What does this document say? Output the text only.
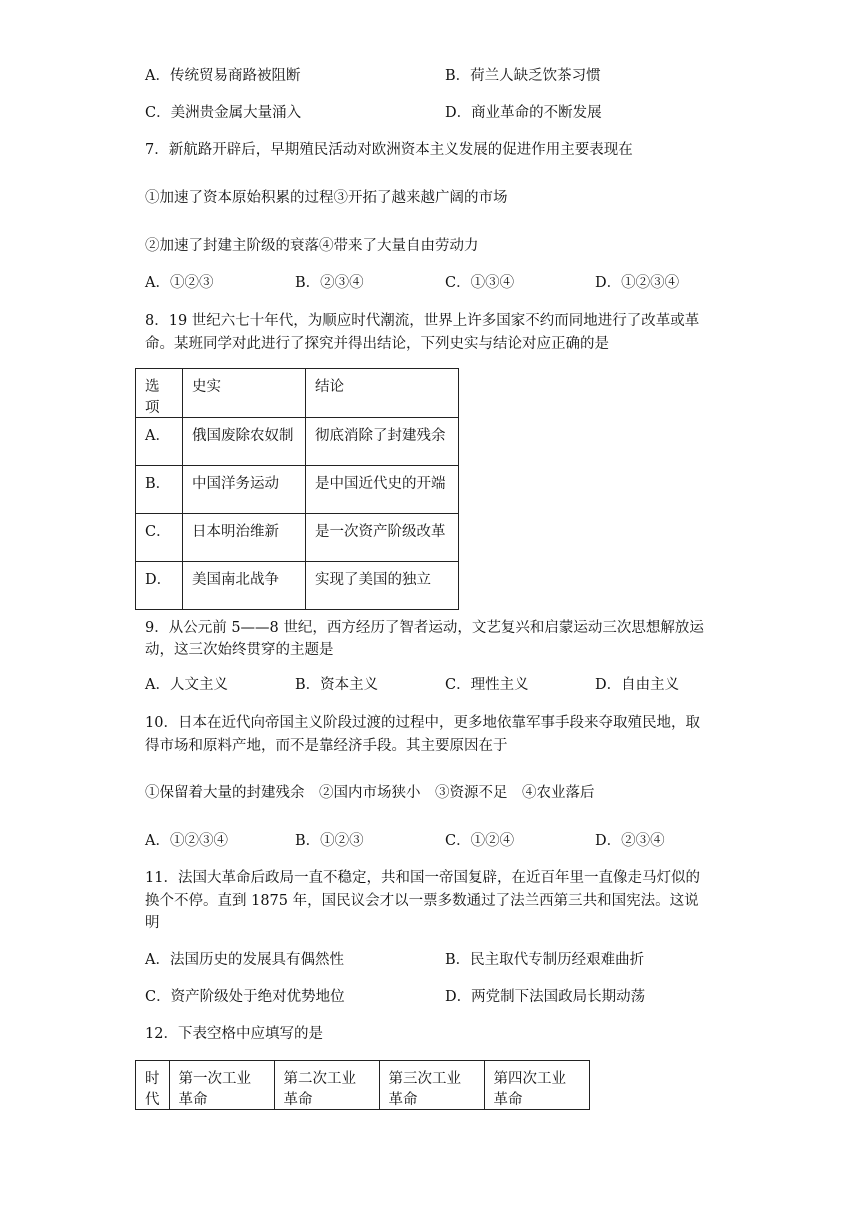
A．传统贸易商路被阻断	B．荷兰人缺乏饮茶习惯
C．美洲贵金属大量涌入	D．商业革命的不断发展
7．新航路开辟后，早期殖民活动对欧洲资本主义发展的促进作用主要表现在
①加速了资本原始积累的过程③开拓了越来越广阔的市场
②加速了封建主阶级的衰落④带来了大量自由劳动力
A．①②③	B．②③④	C．①③④	D．①②③④
8．19 世纪六七十年代，为顺应时代潮流，世界上许多国家不约而同地进行了改革或革
命。某班同学对此进行了探究并得出结论，下列史实与结论对应正确的是
选项	史实	结论
A．	俄国废除农奴制	彻底消除了封建残余
B．	中国洋务运动	是中国近代史的开端
C．	日本明治维新	是一次资产阶级改革
D．	美国南北战争	实现了美国的独立
9．从公元前 5——8 世纪，西方经历了智者运动，文艺复兴和启蒙运动三次思想解放运
动，这三次始终贯穿的主题是
A．人文主义	B．资本主义	C．理性主义	D．自由主义
10．日本在近代向帝国主义阶段过渡的过程中，更多地依靠军事手段来夺取殖民地，取
得市场和原料产地，而不是靠经济手段。其主要原因在于
①保留着大量的封建残余　②国内市场狭小　③资源不足　④农业落后
A．①②③④	B．①②③	C．①②④	D．②③④
11．法国大革命后政局一直不稳定，共和国一帝国复辟，在近百年里一直像走马灯似的
换个不停。直到 1875 年，国民议会才以一票多数通过了法兰西第三共和国宪法。这说
明
A．法国历史的发展具有偶然性	B．民主取代专制历经艰难曲折
C．资产阶级处于绝对优势地位	D．两党制下法国政局长期动荡
12．下表空格中应填写的是
时代	第一次工业革命	第二次工业革命	第三次工业革命	第四次工业革命
